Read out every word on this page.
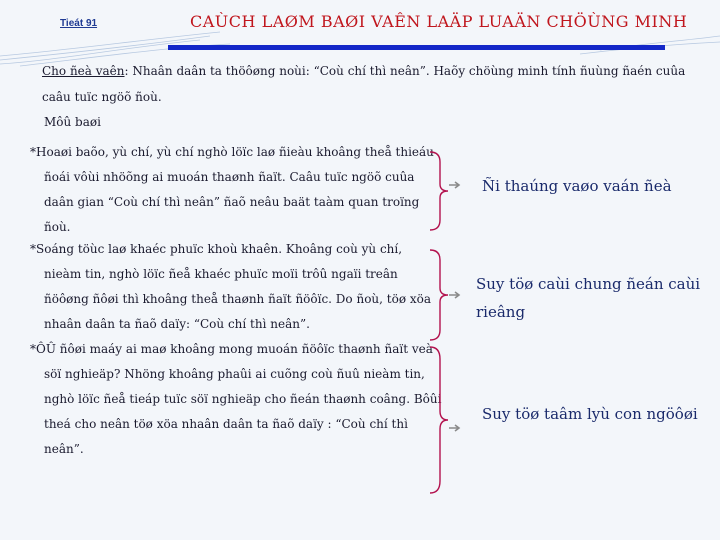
Tieát 91	CAÙCH LAØM BAØI VAÊN LAÄP LUAÄN CHÖÙNG MINH
Cho ñeà vaên: Nhaân daân ta thöôøng noùi: “Coù chí thì neân”. Haõy chöùng minh tính ñuùng ñaén cuûa caâu tuïc ngöõ ñoù.
Môû baøi
*Hoaøi baõo, yù chí, yù chí nghò löïc laø ñieàu khoâng theå thieáu ñoái vôùi nhöõng ai muoán thaønh ñaït. Caâu tuïc ngöõ cuûa daân gian “Coù chí thì neân” ñaõ neâu baät taàm quan troïng ñoù.
*Soáng töùc laø khaéc phuïc khoù khaên. Khoâng coù yù chí, nieàm tin, nghò löïc ñeå khaéc phuïc moïi trôû ngaïi treân ñöôøng ñôøi thì khoâng theå thaønh ñaït ñöôïc. Do ñoù, töø xöa nhaân daân ta ñaõ daïy: “Coù chí thì neân”.
*ÔÛ ñôøi maáy ai maø khoâng mong muoán ñöôïc thaønh ñaït veà söï nghieäp? Nhöng khoâng phaûi ai cuõng coù ñuû nieàm tin, nghò löïc ñeå tieáp tuïc söï nghieäp cho ñeán thaønh coâng. Bôûi theá cho neân töø xöa nhaân daân ta ñaõ daïy : “Coù chí thì neân”.
Ñi thaúng vaøo vaán ñeà
Suy töø caùi chung ñeán caùi rieâng
Suy töø taâm lyù con ngöôøi
